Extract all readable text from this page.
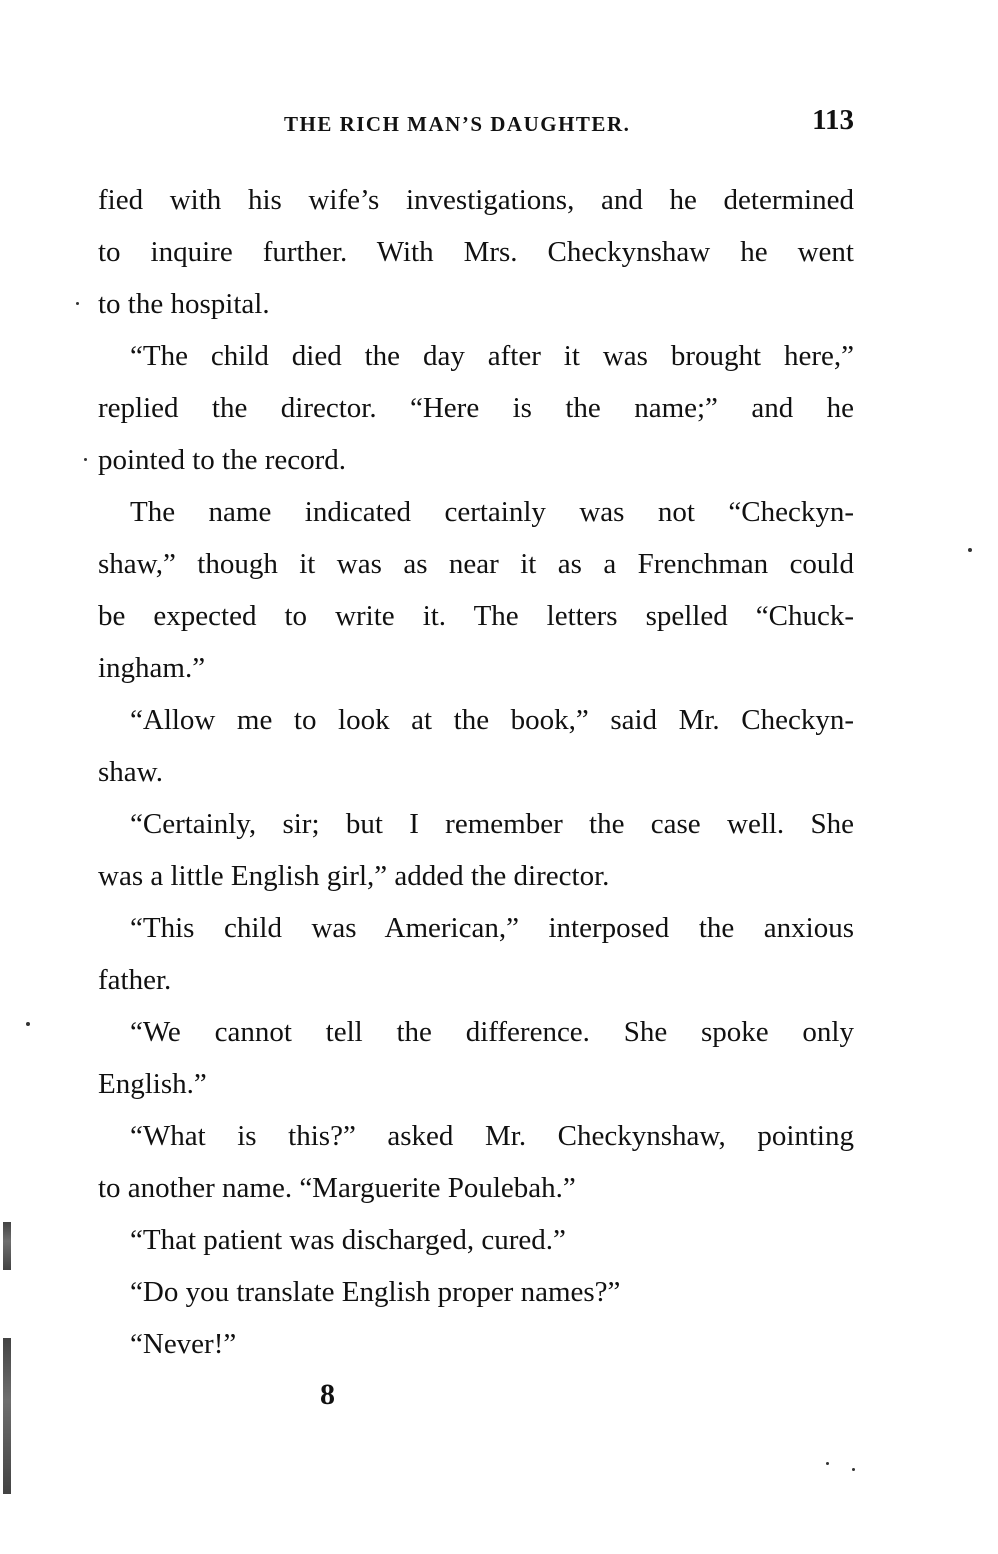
THE RICH MAN’S DAUGHTER.	113
fied with his wife’s investigations, and he determined
to inquire further. With Mrs. Checkynshaw he went
to the hospital.
“The child died the day after it was brought here,”
replied the director. “Here is the name;” and he
pointed to the record.
The name indicated certainly was not “Checkyn-
shaw,” though it was as near it as a Frenchman could
be expected to write it. The letters spelled “Chuck-
ingham.”
“Allow me to look at the book,” said Mr. Checkyn-
shaw.
“Certainly, sir; but I remember the case well. She
was a little English girl,” added the director.
“This child was American,” interposed the anxious
father.
“We cannot tell the difference. She spoke only
English.”
“What is this?” asked Mr. Checkynshaw, pointing
to another name. “Marguerite Poulebah.”
“That patient was discharged, cured.”
“Do you translate English proper names?”
“Never!”
8
